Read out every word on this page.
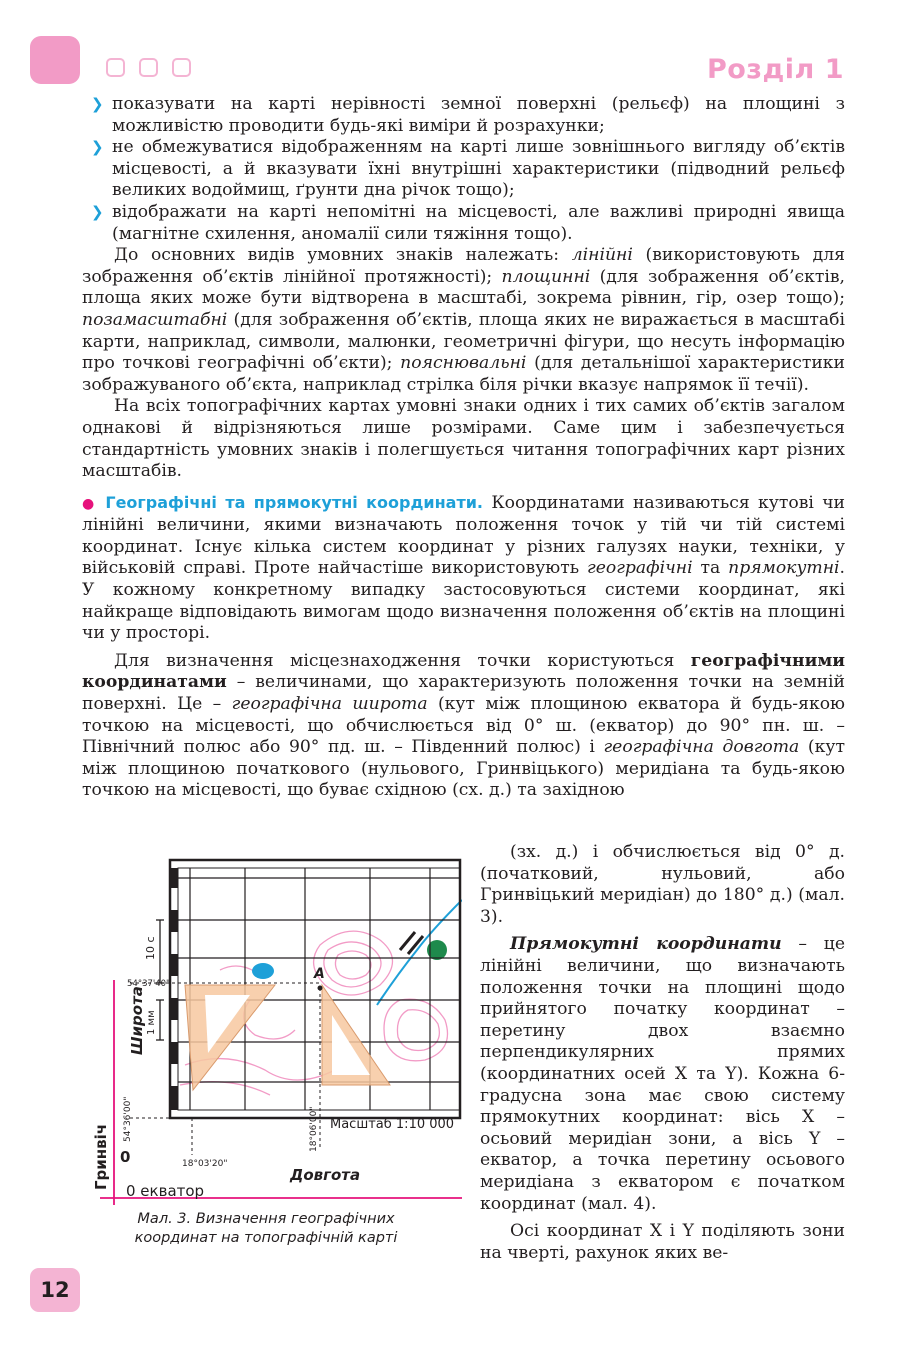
Розділ 1
❯ показувати на карті нерівності земної поверхні (рельєф) на площині з можливістю проводити будь-які виміри й розрахунки;
❯ не обмежуватися відображенням на карті лише зовнішнього вигляду об’єктів місцевості, а й вказувати їхні внутрішні характеристики (підводний рельєф великих водоймищ, ґрунти дна річок тощо);
❯ відображати на карті непомітні на місцевості, але важливі природні явища (магнітне схилення, аномалії сили тяжіння тощо).

До основних видів умовних знаків належать: лінійні (використовують для зображення об’єктів лінійної протяжності); площинні (для зображення об’єктів, площа яких може бути відтворена в масштабі, зокрема рівнин, гір, озер тощо); позамасштабні (для зображення об’єктів, площа яких не виражається в масштабі карти, наприклад, символи, малюнки, геометричні фігури, що несуть інформацію про точкові географічні об’єкти); пояснювальні (для детальнішої характеристики зображуваного об’єкта, наприклад стрілка біля річки вказує напрямок її течії).

На всіх топографічних картах умовні знаки одних і тих самих об’єктів загалом однакові й відрізняються лише розмірами. Саме цим і забезпечується стандартність умовних знаків і полегшується читання топографічних карт різних масштабів.

● Географічні та прямокутні координати. Координатами називаються кутові чи лінійні величини, якими визначають положення точок у тій чи тій системі координат. Існує кілька систем координат у різних галузях науки, техніки, у військовій справі. Проте найчастіше використовують географічні та прямокутні. У кожному конкретному випадку застосовуються системи координат, які найкраще відповідають вимогам щодо визначення положення об’єктів на площині чи у просторі.

Для визначення місцезнаходження точки користуються географічними координатами – величинами, що характеризують положення точки на земній поверхні. Це – географічна широта (кут між площиною екватора й будь-якою точкою на місцевості, що обчислюється від 0° ш. (екватор) до 90° пн. ш. – Північний полюс або 90° пд. ш. – Південний полюс) і географічна довгота (кут між площиною початкового (нульового, Гринвіцького) меридіана та будь-якою точкою на місцевості, що буває східною (сх. д.) та західною

(зх. д.) і обчислюється від 0° д. (початковий, нульовий, або Гринвіцький меридіан) до 180° д.) (мал. 3).

Прямокутні координати – це лінійні величини, що визначають положення точки на площині щодо прийнятого початку координат – перетину двох взаємно перпендикулярних прямих (координатних осей X та Y). Кожна 6-градусна зона має свою систему прямокутних координат: вісь X – осьовий меридіан зони, а вісь Y – екватор, а точка перетину осьового меридіана з екватором є початком координат (мал. 4).

Осі координат X і Y поділяють зони на чверті, рахунок яких ве-

A
10 с
1 мм
54°37'40"
Широта
Гринвіч
54°36'00"	18°06'00"
18°03'20"
0
0 екватор
Довгота
Масштаб 1:10 000
Мал. 3. Визначення географічних
координат на топографічній карті
12
